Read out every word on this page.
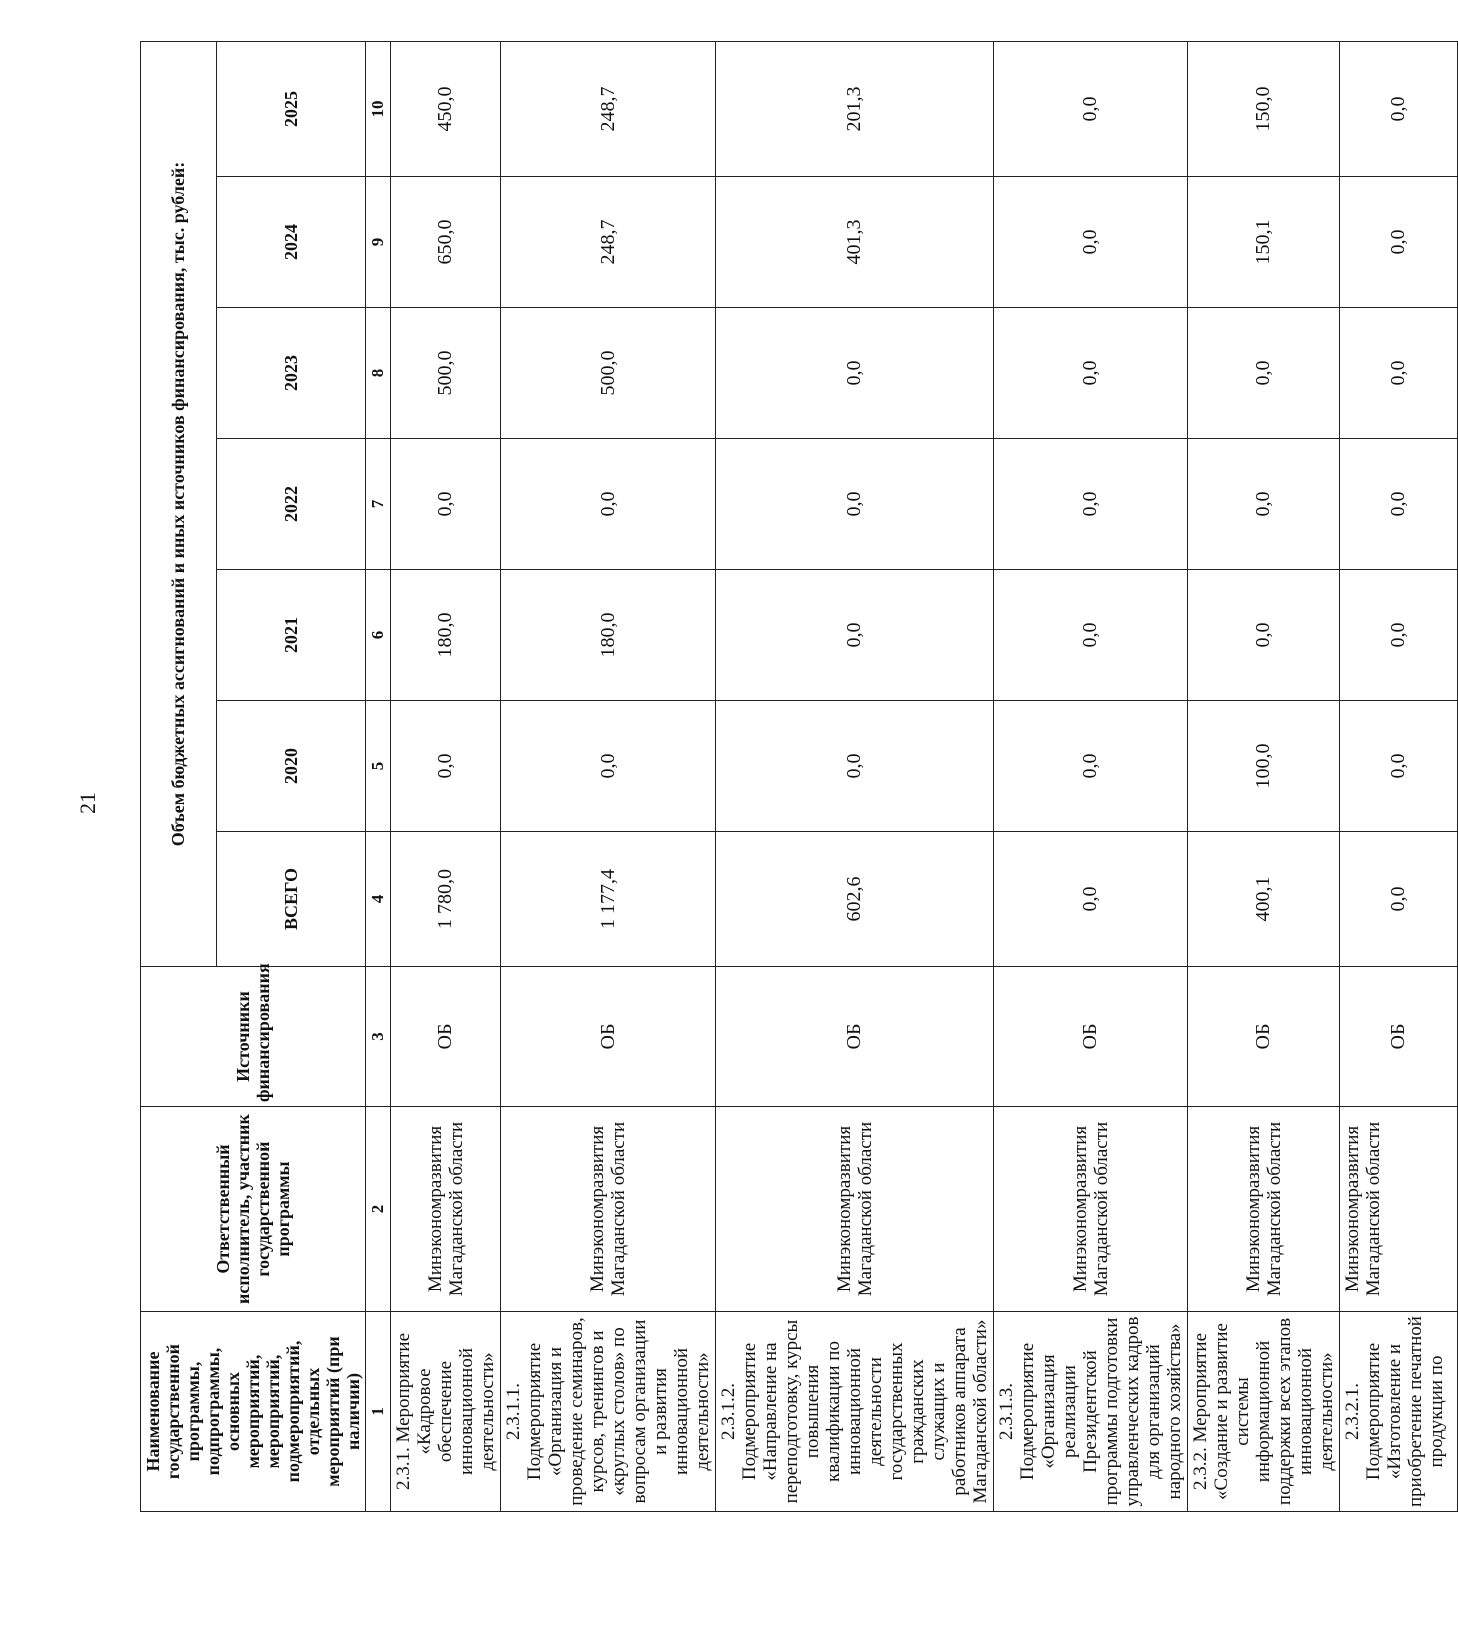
21
Наименование государственной программы, подпрограммы, основных мероприятий, мероприятий, подмероприятий, отдельных мероприятий (при наличии)	Ответственный исполнитель, участник государственной программы	Источники финансирования	Объем бюджетных ассигнований и иных источников финансирования, тыс. рублей:						
			ВСЕГО	2020	2021	2022	2023	2024	2025
1	2	3	4	5	6	7	8	9	10
2.3.1. Мероприятие «Кадровое обеспечение инновационной деятельности»	Минэкономразвития Магаданской области	ОБ	1 780,0	0,0	180,0	0,0	500,0	650,0	450,0
2.3.1.1. Подмероприятие «Организация и проведение семинаров, курсов, тренингов и «круглых столов» по вопросам организации и развития инновационной деятельности»	Минэкономразвития Магаданской области	ОБ	1 177,4	0,0	180,0	0,0	500,0	248,7	248,7
2.3.1.2. Подмероприятие «Направление на переподготовку, курсы повышения квалификации по инновационной деятельности государственных гражданских служащих и работников аппарата Магаданской области»	Минэкономразвития Магаданской области	ОБ	602,6	0,0	0,0	0,0	0,0	401,3	201,3
2.3.1.3. Подмероприятие «Организация реализации Президентской программы подготовки управленческих кадров для организаций народного хозяйства»	Минэкономразвития Магаданской области	ОБ	0,0	0,0	0,0	0,0	0,0	0,0	0,0
2.3.2. Мероприятие «Создание и развитие системы информационной поддержки всех этапов инновационной деятельности»	Минэкономразвития Магаданской области	ОБ	400,1	100,0	0,0	0,0	0,0	150,1	150,0
2.3.2.1. Подмероприятие «Изготовление и приобретение печатной продукции по	Минэкономразвития Магаданской области	ОБ	0,0	0,0	0,0	0,0	0,0	0,0	0,0
